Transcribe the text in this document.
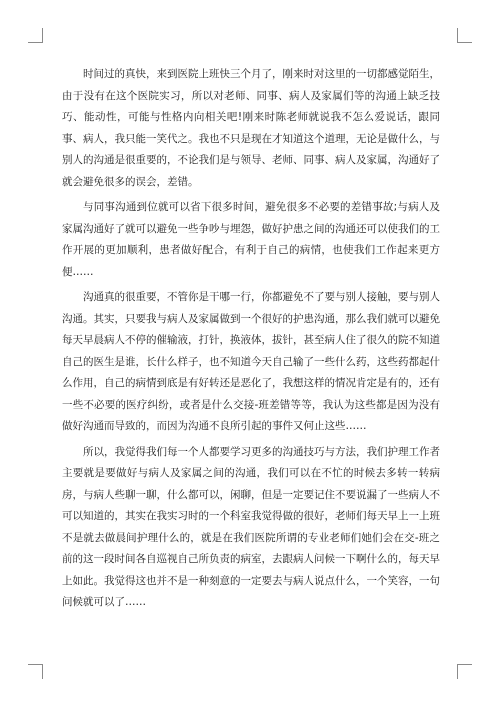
时间过的真快，来到医院上班快三个月了，刚来时对这里的一切都感觉陌生，由于没有在这个医院实习，所以对老师、同事、病人及家属们等的沟通上缺乏技巧、能动性，可能与性格内向相关吧!刚来时陈老师就说我不怎么爱说话，跟同事、病人，我只能一笑代之。我也不只是现在才知道这个道理，无论是做什么，与别人的沟通是很重要的，不论我们是与领导、老师、同事、病人及家属，沟通好了就会避免很多的误会，差错。

与同事沟通到位就可以省下很多时间，避免很多不必要的差错事故;与病人及家属沟通好了就可以避免一些争吵与埋怨，做好护患之间的沟通还可以使我们的工作开展的更加顺利，患者做好配合，有利于自己的病情，也使我们工作起来更方便……

沟通真的很重要，不管你是干哪一行，你都避免不了要与别人接触，要与别人沟通。其实，只要我与病人及家属做到一个很好的护患沟通，那么我们就可以避免每天早晨病人不停的催输液，打针，换液体，拔针，甚至病人住了很久的院不知道自己的医生是谁，长什么样子，也不知道今天自己输了一些什么药，这些药都起什么作用，自己的病情到底是有好转还是恶化了，我想这样的情况肯定是有的，还有一些不必要的医疗纠纷，或者是什么交接-班差错等等，我认为这些都是因为没有做好沟通而导致的，而因为沟通不良所引起的事件又何止这些……

所以，我觉得我们每一个人都要学习更多的沟通技巧与方法，我们护理工作者主要就是要做好与病人及家属之间的沟通，我们可以在不忙的时候去多转一转病房，与病人些聊一聊，什么都可以，闲聊，但是一定要记住不要说漏了一些病人不可以知道的，其实在我实习时的一个科室我觉得做的很好，老师们每天早上一上班不是就去做晨间护理什么的，就是在我们医院所谓的专业老师们她们会在交-班之前的这一段时间各自巡视自己所负责的病室，去跟病人问候一下啊什么的，每天早上如此。我觉得这也并不是一种刻意的一定要去与病人说点什么，一个笑容，一句问候就可以了……
